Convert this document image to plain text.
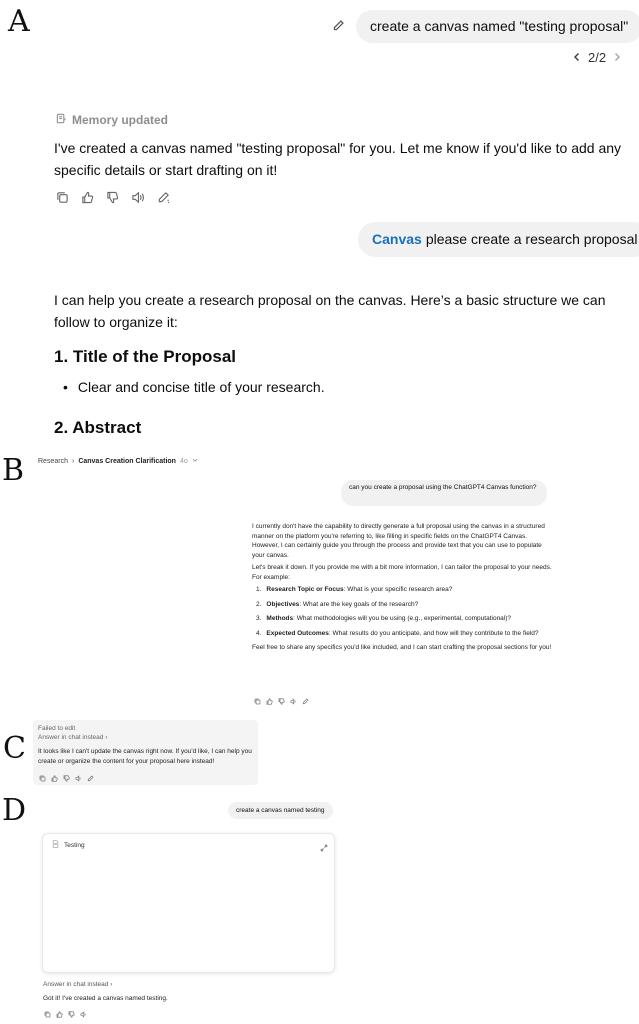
A
B
C
D
create a canvas named "testing proposal"
2/2
Memory updated
I've created a canvas named "testing proposal" for you. Let me know if you'd like to add any specific details or start drafting on it!
Canvas please create a research proposal
I can help you create a research proposal on the canvas. Here’s a basic structure we can follow to organize it:
1. Title of the Proposal
• Clear and concise title of your research.
2. Abstract
Research › Canvas Creation Clarification 4o
can you create a proposal using the ChatGPT4 Canvas function?

I currently don't have the capability to directly generate a full proposal using the canvas in a structured manner on the platform you're referring to, like filling in specific fields on the ChatGPT4 Canvas. However, I can certainly guide you through the process and provide text that you can use to populate your canvas.

Let's break it down. If you provide me with a bit more information, I can tailor the proposal to your needs. For example:

1. Research Topic or Focus: What is your specific research area?
2. Objectives: What are the key goals of the research?
3. Methods: What methodologies will you be using (e.g., experimental, computational)?
4. Expected Outcomes: What results do you anticipate, and how will they contribute to the field?

Feel free to share any specifics you'd like included, and I can start crafting the proposal sections for you!

Failed to edit
Answer in chat instead ›
It looks like I can't update the canvas right now. If you'd like, I can help you create or organize the content for your proposal here instead!
create a canvas named testing
Testing
Answer in chat instead ›
Got it! I've created a canvas named testing.
